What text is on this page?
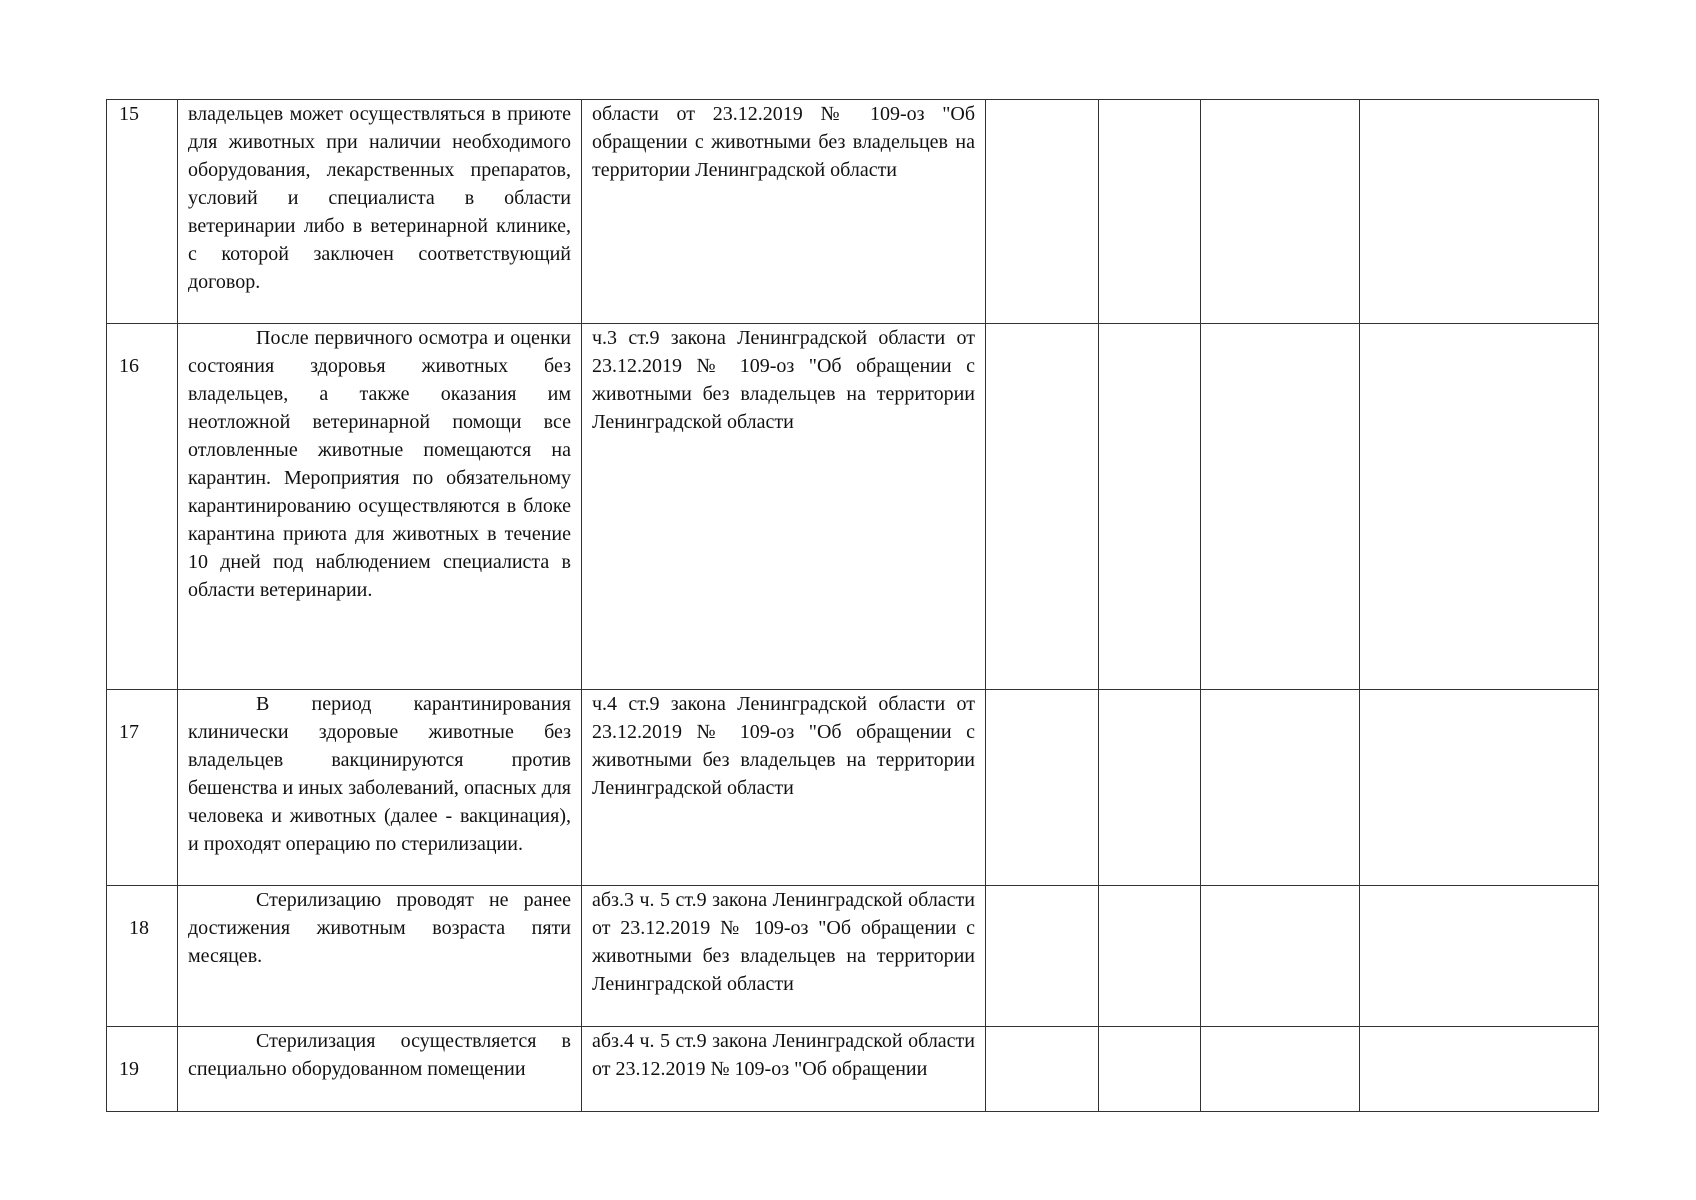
15	владельцев может осуществляться в приюте для животных при наличии необходимого оборудования, лекарственных препаратов, условий и специалиста в области ветеринарии либо в ветеринарной клинике, с которой заключен соответствующий договор.	области от 23.12.2019 № 109-оз "Об обращении с животными без владельцев на территории Ленинградской области				

16	После первичного осмотра и оценки состояния здоровья животных без владельцев, а также оказания им неотложной ветеринарной помощи все отловленные животные помещаются на карантин. Мероприятия по обязательному карантинированию осуществляются в блоке карантина приюта для животных в течение 10 дней под наблюдением специалиста в области ветеринарии.	ч.3 ст.9 закона Ленинградской области от 23.12.2019 № 109-оз "Об обращении с животными без владельцев на территории Ленинградской области				

17	В период карантинирования клинически здоровые животные без владельцев вакцинируются против бешенства и иных заболеваний, опасных для человека и животных (далее - вакцинация), и проходят операцию по стерилизации.	ч.4 ст.9 закона Ленинградской области от 23.12.2019 № 109-оз "Об обращении с животными без владельцев на территории Ленинградской области				

18	Стерилизацию проводят не ранее достижения животным возраста пяти месяцев.	абз.3 ч. 5 ст.9 закона Ленинградской области от 23.12.2019 № 109-оз "Об обращении с животными без владельцев на территории Ленинградской области				

19	Стерилизация осуществляется в специально оборудованном помещении	абз.4 ч. 5 ст.9 закона Ленинградской области от 23.12.2019 № 109-оз "Об обращении				
